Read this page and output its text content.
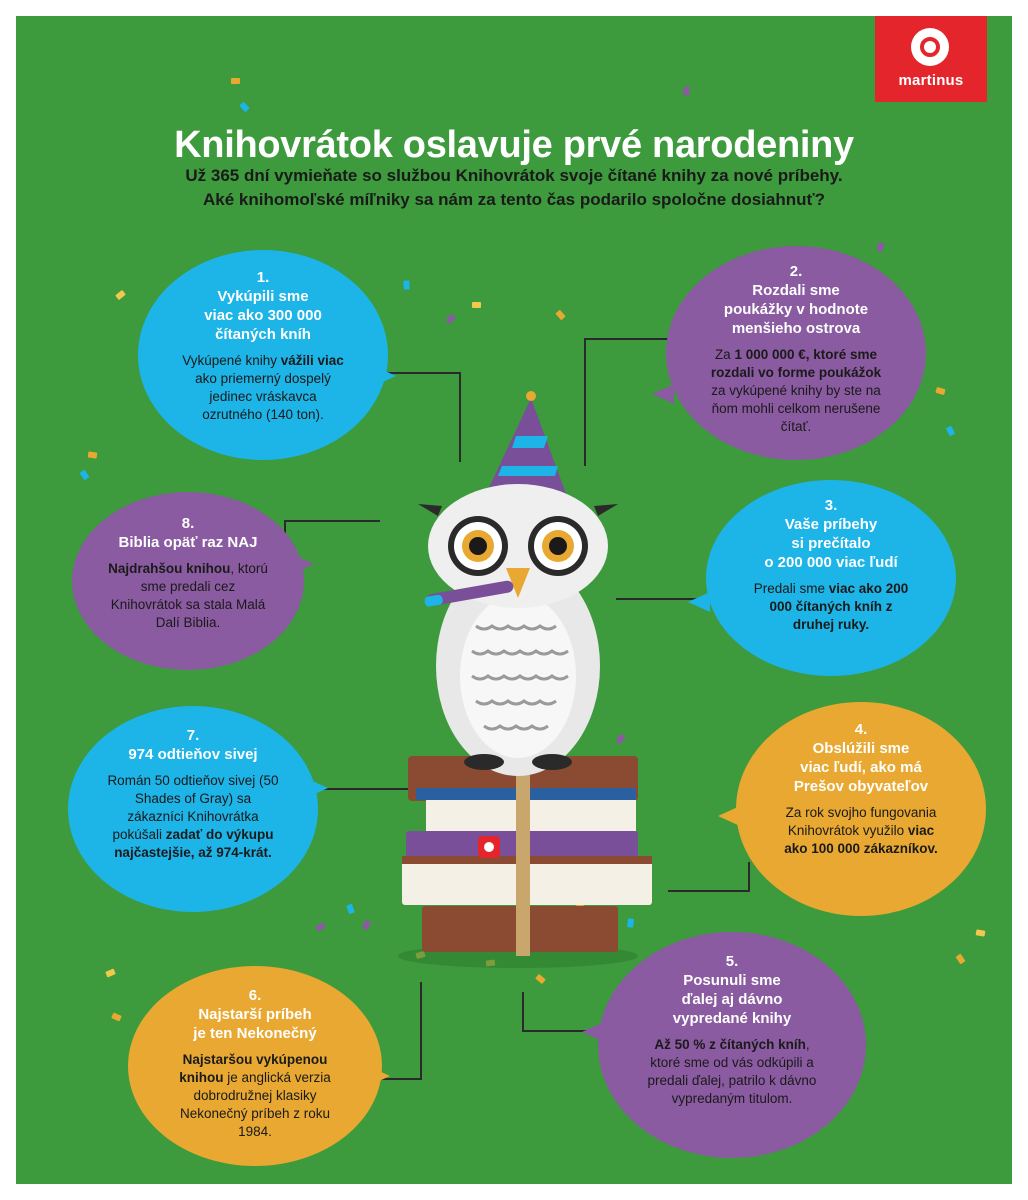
martinus
Knihovrátok oslavuje prvé narodeniny
Už 365 dní vymieňate so službou Knihovrátok svoje čítané knihy za nové príbehy.
Aké knihomoľské míľniky sa nám za tento čas podarilo spoločne dosiahnuť?
1.
Vykúpili sme
viac ako 300 000
čítaných kníh
Vykúpené knihy vážili viac ako priemerný dospelý jedinec vráskavca ozrutného (140 ton).
2.
Rozdali sme
poukážky v hodnote
menšieho ostrova
Za 1 000 000 €, ktoré sme rozdali vo forme poukážok za vykúpené knihy by ste na ňom mohli celkom nerušene čítať.
3.
Vaše príbehy
si prečítalo
o 200 000 viac ľudí
Predali sme viac ako 200 000 čítaných kníh z druhej ruky.
4.
Obslúžili sme
viac ľudí, ako má
Prešov obyvateľov
Za rok svojho fungovania Knihovrátok využilo viac ako 100 000 zákazníkov.
5.
Posunuli sme
ďalej aj dávno
vypredané knihy
Až 50 % z čítaných kníh, ktoré sme od vás odkúpili a predali ďalej, patrilo k dávno vypredaným titulom.
6.
Najstarší príbeh
je ten Nekonečný
Najstaršou vykúpenou knihou je anglická verzia dobrodružnej klasiky Nekonečný príbeh z roku 1984.
7.
974 odtieňov sivej
Román 50 odtieňov sivej (50 Shades of Gray) sa zákazníci Knihovrátka pokúšali zadať do výkupu najčastejšie, až 974-krát.
8.
Biblia opäť raz NAJ
Najdrahšou knihou, ktorú sme predali cez Knihovrátok sa stala Malá Dalí Biblia.
